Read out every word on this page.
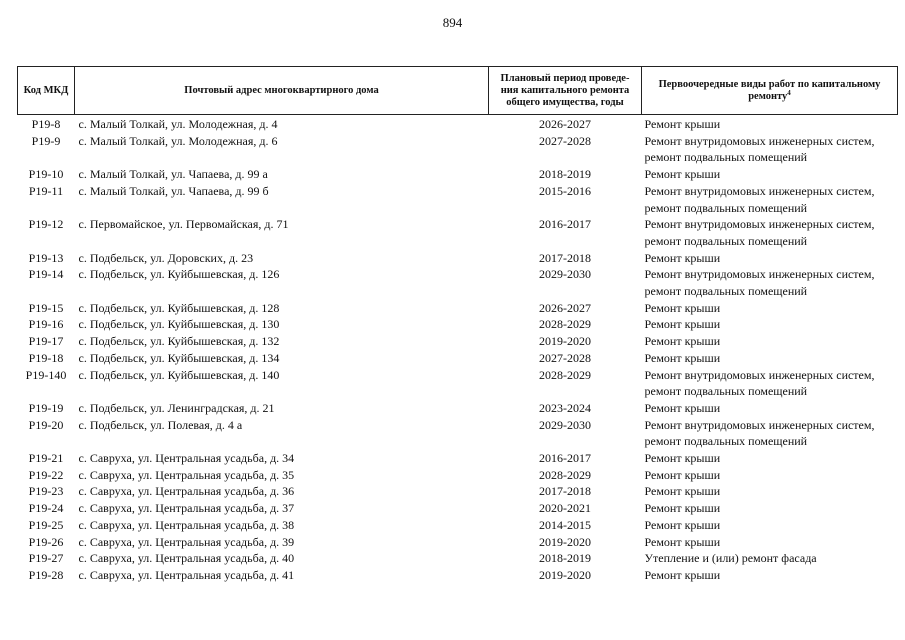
894
Код МКД	Почтовый адрес многоквартирного дома	Плановый период проведе-ния капитального ремонта общего имущества, годы	Первоочередные виды работ по капитальному ремонту$^4$
P19-8	с. Малый Толкай, ул. Молодежная, д. 4	2026-2027	Ремонт крыши

P19-9	с. Малый Толкай, ул. Молодежная, д. 6	2027-2028	Ремонт внутридомовых инженерных систем,
ремонт подвальных помещений

P19-10	с. Малый Толкай, ул. Чапаева, д. 99 а	2018-2019	Ремонт крыши

P19-11	с. Малый Толкай, ул. Чапаева, д. 99 б	2015-2016	Ремонт внутридомовых инженерных систем,
ремонт подвальных помещений

P19-12	с. Первомайское, ул. Первомайская, д. 71	2016-2017	Ремонт внутридомовых инженерных систем,
ремонт подвальных помещений

P19-13	с. Подбельск, ул. Доровских, д. 23	2017-2018	Ремонт крыши

P19-14	с. Подбельск, ул. Куйбышевская, д. 126	2029-2030	Ремонт внутридомовых инженерных систем,
ремонт подвальных помещений

P19-15	с. Подбельск, ул. Куйбышевская, д. 128	2026-2027	Ремонт крыши

P19-16	с. Подбельск, ул. Куйбышевская, д. 130	2028-2029	Ремонт крыши

P19-17	с. Подбельск, ул. Куйбышевская, д. 132	2019-2020	Ремонт крыши

P19-18	с. Подбельск, ул. Куйбышевская, д. 134	2027-2028	Ремонт крыши

P19-140	с. Подбельск, ул. Куйбышевская, д. 140	2028-2029	Ремонт внутридомовых инженерных систем,
ремонт подвальных помещений

P19-19	с. Подбельск, ул. Ленинградская, д. 21	2023-2024	Ремонт крыши

P19-20	с. Подбельск, ул. Полевая, д. 4 а	2029-2030	Ремонт внутридомовых инженерных систем,
ремонт подвальных помещений

P19-21	с. Савруха, ул. Центральная усадьба, д. 34	2016-2017	Ремонт крыши

P19-22	с. Савруха, ул. Центральная усадьба, д. 35	2028-2029	Ремонт крыши

P19-23	с. Савруха, ул. Центральная усадьба, д. 36	2017-2018	Ремонт крыши

P19-24	с. Савруха, ул. Центральная усадьба, д. 37	2020-2021	Ремонт крыши

P19-25	с. Савруха, ул. Центральная усадьба, д. 38	2014-2015	Ремонт крыши

P19-26	с. Савруха, ул. Центральная усадьба, д. 39	2019-2020	Ремонт крыши

P19-27	с. Савруха, ул. Центральная усадьба, д. 40	2018-2019	Утепление и (или) ремонт фасада

P19-28	с. Савруха, ул. Центральная усадьба, д. 41	2019-2020	Ремонт крыши
